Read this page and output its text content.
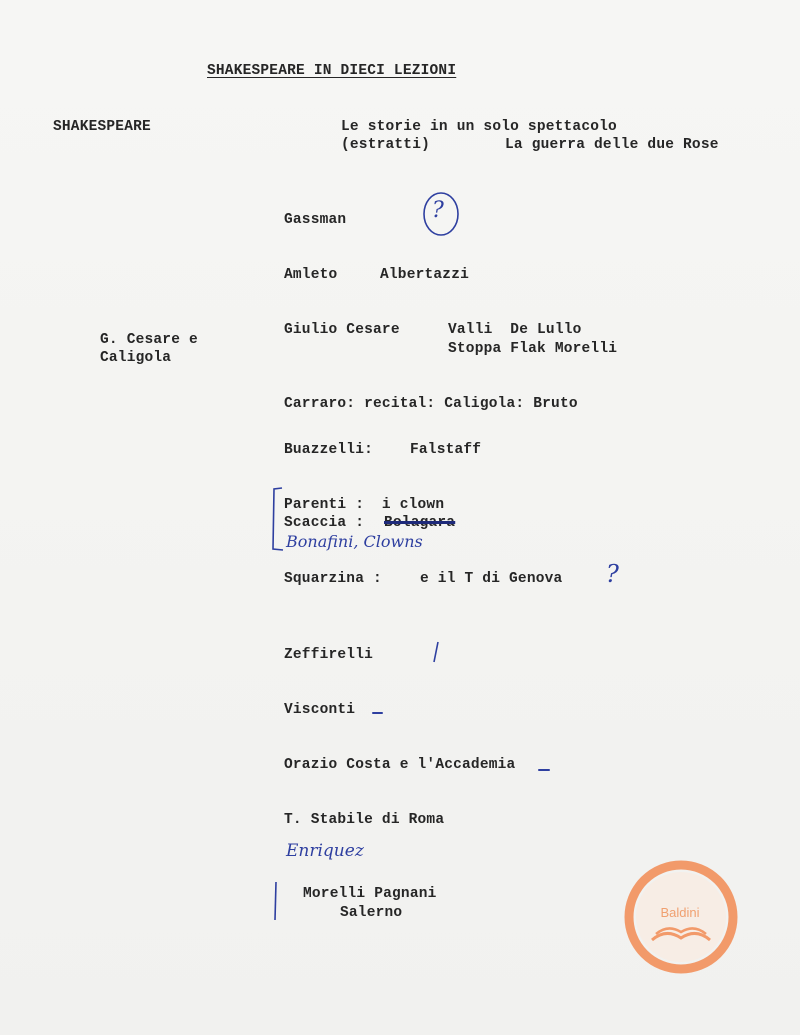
SHAKESPEARE IN DIECI LEZIONI
SHAKESPEARE	Le storie in un solo spettacolo
(estratti)	La guerra delle due Rose
Gassman	?
Amleto	Albertazzi
G. Cesare e
Caligola
Giulio Cesare	Valli  De Lullo
Stoppa Flak Morelli
Carraro: recital: Caligola: Bruto
Buazzelli:	Falstaff
Parenti :  i clown
Scaccia : Bolagara
Bonafini, Clowns
Squarzina :	e il T di Genova ?
Zeffirelli
Visconti
Orazio Costa e l'Accademia
T. Stabile di Roma
Enriquez
Morelli Pagnani
Salerno	Baldini
